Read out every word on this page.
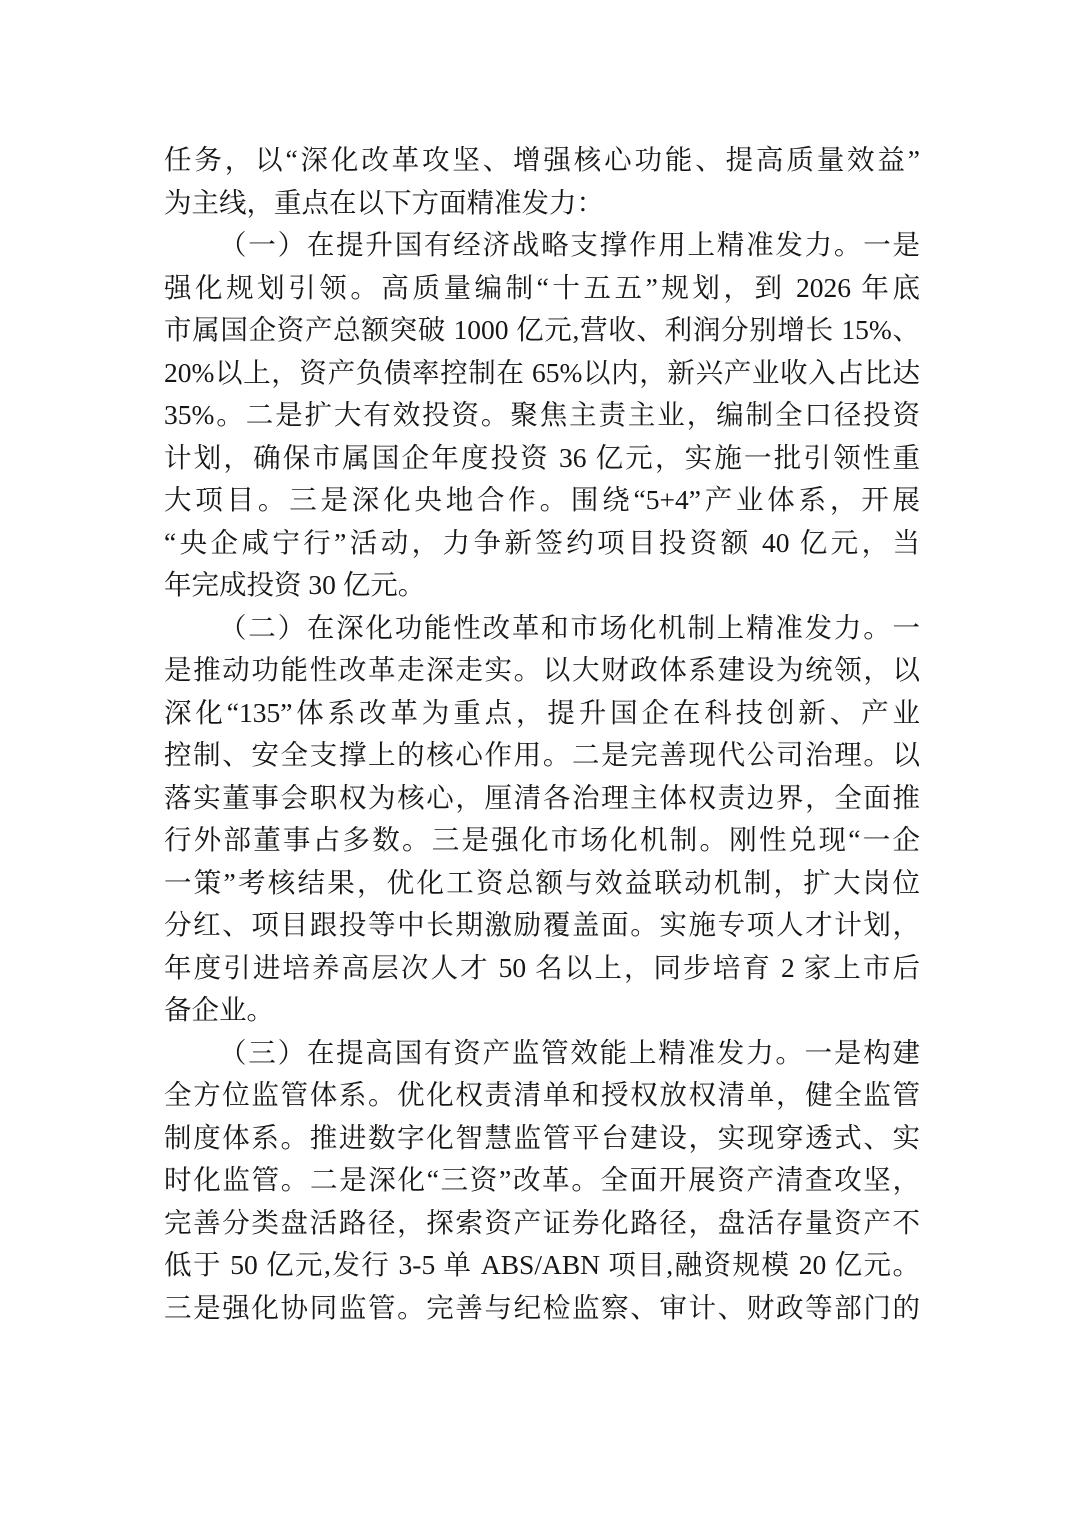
任务，以“深化改革攻坚、增强核心功能、提高质量效益”
为主线，重点在以下方面精准发力：
（一）在提升国有经济战略支撑作用上精准发力。一是
强化规划引领。高质量编制“十五五”规划，到 2026 年底
市属国企资产总额突破 1000 亿元,营收、利润分别增长 15%、
20%以上，资产负债率控制在 65%以内，新兴产业收入占比达
35%。二是扩大有效投资。聚焦主责主业，编制全口径投资
计划，确保市属国企年度投资 36 亿元，实施一批引领性重
大项目。三是深化央地合作。围绕“5+4”产业体系，开展
“央企咸宁行”活动，力争新签约项目投资额 40 亿元，当
年完成投资 30 亿元。
（二）在深化功能性改革和市场化机制上精准发力。一
是推动功能性改革走深走实。以大财政体系建设为统领，以
深化“135”体系改革为重点，提升国企在科技创新、产业
控制、安全支撑上的核心作用。二是完善现代公司治理。以
落实董事会职权为核心，厘清各治理主体权责边界，全面推
行外部董事占多数。三是强化市场化机制。刚性兑现“一企
一策”考核结果，优化工资总额与效益联动机制，扩大岗位
分红、项目跟投等中长期激励覆盖面。实施专项人才计划，
年度引进培养高层次人才 50 名以上，同步培育 2 家上市后
备企业。
（三）在提高国有资产监管效能上精准发力。一是构建
全方位监管体系。优化权责清单和授权放权清单，健全监管
制度体系。推进数字化智慧监管平台建设，实现穿透式、实
时化监管。二是深化“三资”改革。全面开展资产清查攻坚，
完善分类盘活路径，探索资产证券化路径，盘活存量资产不
低于 50 亿元,发行 3-5 单 ABS/ABN 项目,融资规模 20 亿元。
三是强化协同监管。完善与纪检监察、审计、财政等部门的
